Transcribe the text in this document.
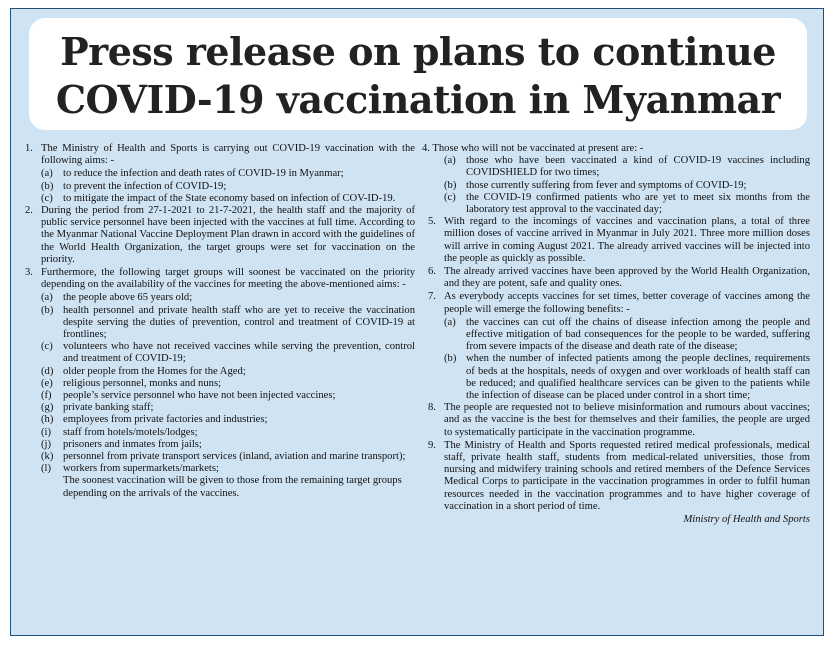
Press release on plans to continue
COVID-19 vaccination in Myanmar
1. The Ministry of Health and Sports is carrying out COVID-19 vaccination with the following aims: -
(a) to reduce the infection and death rates of COVID-19 in Myanmar;
(b) to prevent the infection of COVID-19;
(c) to mitigate the impact of the State economy based on infection of COV-ID-19.
2. During the period from 27-1-2021 to 21-7-2021, the health staff and the majority of public service personnel have been injected with the vaccines at full time. According to the Myanmar National Vaccine Deployment Plan drawn in accord with the guidelines of the World Health Organization, the target groups were set for vaccination on the priority.
3. Furthermore, the following target groups will soonest be vaccinated on the priority depending on the availability of the vaccines for meeting the above-mentioned aims: -
(a) the people above 65 years old;
(b) health personnel and private health staff who are yet to receive the vaccination despite serving the duties of prevention, control and treatment of COVID-19 at frontlines;
(c) volunteers who have not received vaccines while serving the prevention, control and treatment of COVID-19;
(d) older people from the Homes for the Aged;
(e) religious personnel, monks and nuns;
(f)	people’s service personnel who have not been injected vaccines;
(g) private banking staff;
(h) employees from private factories and industries;
(i)	staff from hotels/motels/lodges;
(j)	prisoners and inmates from jails;
(k) personnel from private transport services (inland, aviation and marine transport);
(l)	workers from supermarkets/markets;
The soonest vaccination will be given to those from the remaining target groups depending on the arrivals of the vaccines.
4. Those who will not be vaccinated at present are: -
(a) those who have been vaccinated a kind of COVID-19 vaccines including COVIDSHIELD for two times;
(b) those currently suffering from fever and symptoms of COVID-19;
(c) the COVID-19 confirmed patients who are yet to meet six months from the laboratory test approval to the vaccinated day;
5. With regard to the incomings of vaccines and vaccination plans, a total of three million doses of vaccine arrived in Myanmar in July 2021. Three more million doses will arrive in coming August 2021. The already arrived vaccines will be injected into the people as quickly as possible.
6. The already arrived vaccines have been approved by the World Health Organization, and they are potent, safe and quality ones.
7. As everybody accepts vaccines for set times, better coverage of vaccines among the people will emerge the following benefits: -
(a) the vaccines can cut off the chains of disease infection among the people and effective mitigation of bad consequences for the people to be warded, suffering from severe impacts of the disease and death rate of the disease;
(b) when the number of infected patients among the people declines, requirements of beds at the hospitals, needs of oxygen and over workloads of health staff can be reduced; and qualified healthcare services can be given to the patients while the infection of disease can be placed under control in a short time;
8. The people are requested not to believe misinformation and rumours about vaccines; and as the vaccine is the best for themselves and their families, the people are urged to systematically participate in the vaccination programme.
9. The Ministry of Health and Sports requested retired medical professionals, medical staff, private health staff, students from medical-related universities, those from nursing and midwifery training schools and retired members of the Defence Services Medical Corps to participate in the vaccination programmes in order to fulfil human resources needed in the vaccination programmes and to have higher coverage of vaccination in a short period of time.
Ministry of Health and Sports
